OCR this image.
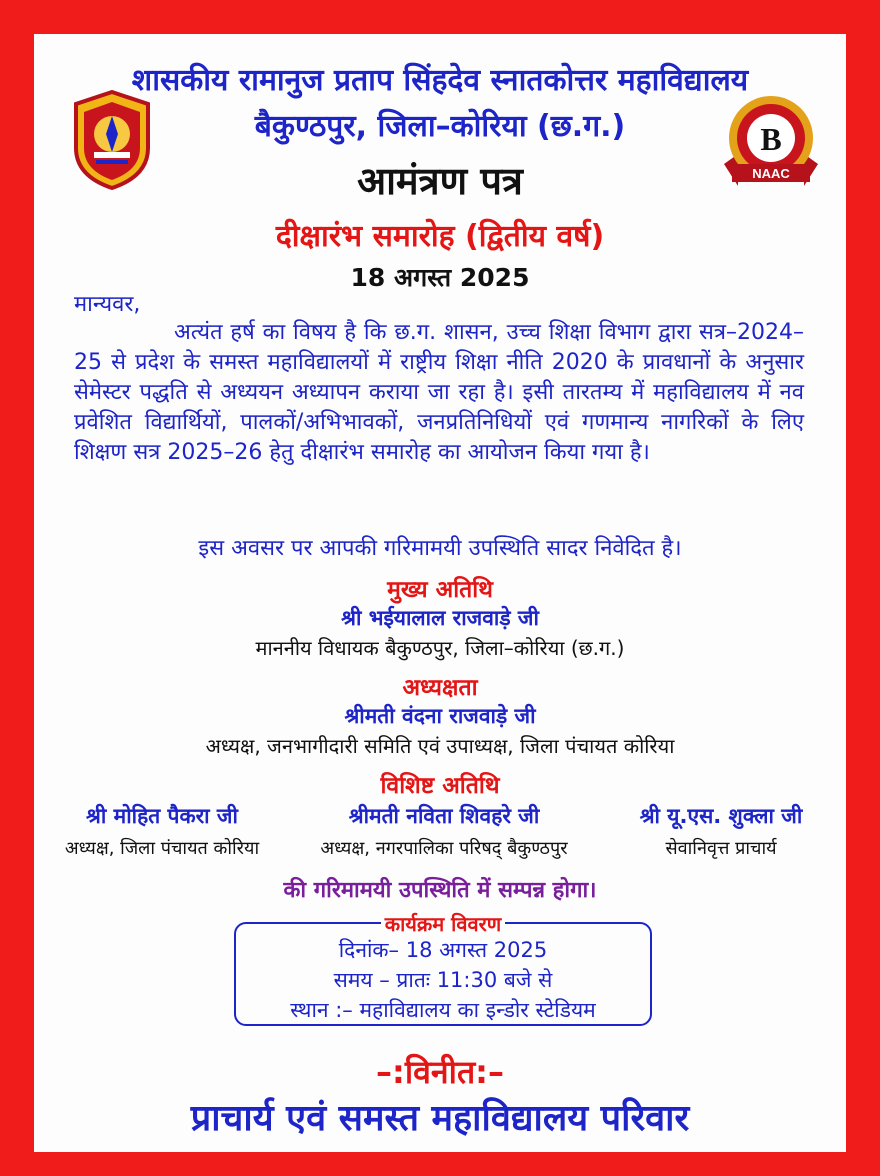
B
NAAC
शासकीय रामानुज प्रताप सिंहदेव स्नातकोत्तर महाविद्यालय
बैकुण्ठपुर, जिला–कोरिया (छ.ग.)
आमंत्रण पत्र
दीक्षारंभ समारोह (द्वितीय वर्ष)
18 अगस्त 2025
मान्यवर,
अत्यंत हर्ष का विषय है कि छ.ग. शासन, उच्च शिक्षा विभाग द्वारा सत्र–2024–25 से प्रदेश के समस्त महाविद्यालयों में राष्ट्रीय शिक्षा नीति 2020 के प्रावधानों के अनुसार सेमेस्टर पद्धति से अध्ययन अध्यापन कराया जा रहा है। इसी तारतम्य में महाविद्यालय में नव प्रवेशित विद्यार्थियों, पालकों/अभिभावकों, जनप्रतिनिधियों एवं गणमान्य नागरिकों के लिए शिक्षण सत्र 2025–26 हेतु दीक्षारंभ समारोह का आयोजन किया गया है।
इस अवसर पर आपकी गरिमामयी उपस्थिति सादर निवेदित है।
मुख्य अतिथि
श्री भईयालाल राजवाड़े जी
माननीय विधायक बैकुण्ठपुर, जिला–कोरिया (छ.ग.)
अध्यक्षता
श्रीमती वंदना राजवाड़े जी
अध्यक्ष, जनभागीदारी समिति एवं उपाध्यक्ष, जिला पंचायत कोरिया
विशिष्ट अतिथि
श्री मोहित पैकरा जी
अध्यक्ष, जिला पंचायत कोरिया
श्रीमती नविता शिवहरे जी
अध्यक्ष, नगरपालिका परिषद् बैकुण्ठपुर
श्री यू.एस. शुक्ला जी
सेवानिवृत्त प्राचार्य
की गरिमामयी उपस्थिति में सम्पन्न होगा।
कार्यक्रम विवरण
दिनांक– 18 अगस्त 2025
समय – प्रातः 11:30 बजे से
स्थान :– महाविद्यालय का इन्डोर स्टेडियम
–:विनीत:–
प्राचार्य एवं समस्त महाविद्यालय परिवार
